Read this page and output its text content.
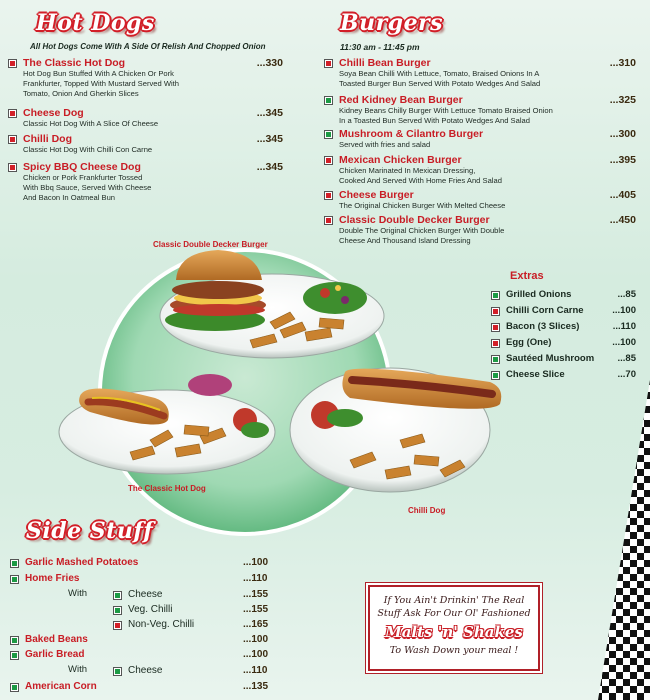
Hot Dogs
All Hot Dogs Come With A Side Of Relish And Chopped Onion
The Classic Hot Dog	...330
Hot Dog Bun Stuffed With A Chicken Or Pork
Frankfurter, Topped With Mustard Served With
Tomato, Onion And Gherkin Slices
Cheese Dog	...345
Classic Hot Dog With A Slice Of Cheese
Chilli Dog	...345
Classic Hot Dog With Chilli Con Carne
Spicy BBQ Cheese Dog	...345
Chicken or Pork Frankfurter Tossed
With Bbq Sauce, Served With Cheese
And Bacon In Oatmeal Bun
Burgers
11:30 am - 11:45 pm
Chilli Bean Burger	...310
Soya Bean Chilli With Lettuce, Tomato, Braised Onions In A
Toasted Burger Bun Served With Potato Wedges And Salad
Red Kidney Bean Burger	...325
Kidney Beans Chilly Burger With Lettuce Tomato Braised Onion
In a Toasted Bun Served With Potato Wedges And Salad
Mushroom & Cilantro Burger	...300
Served with fries and salad
Mexican Chicken Burger	...395
Chicken Marinated In Mexican Dressing,
Cooked And Served With Home Fries And Salad
Cheese Burger	...405
The Original Chicken Burger With Melted Cheese
Classic Double Decker Burger	...450
Double The Original Chicken Burger With Double
Cheese And Thousand Island Dressing
Classic Double Decker Burger
The Classic Hot Dog
Chilli Dog
Extras
Grilled Onions	...85
Chilli Corn Carne	...100
Bacon (3 Slices)	...110
Egg (One)	...100
Sautéed Mushroom ...85
Cheese Slice	...70
Side Stuff
Garlic Mashed Potatoes	...100
Home Fries	...110
With	Cheese	...155
Veg. Chilli	...155
Non-Veg. Chilli	...165
Baked Beans	...100
Garlic Bread	...100
With	Cheese	...110
American Corn	...135
If You Ain't Drinkin' The Real
Stuff Ask For Our Ol' Fashioned
Malts 'n' Shakes
To Wash Down your meal !
